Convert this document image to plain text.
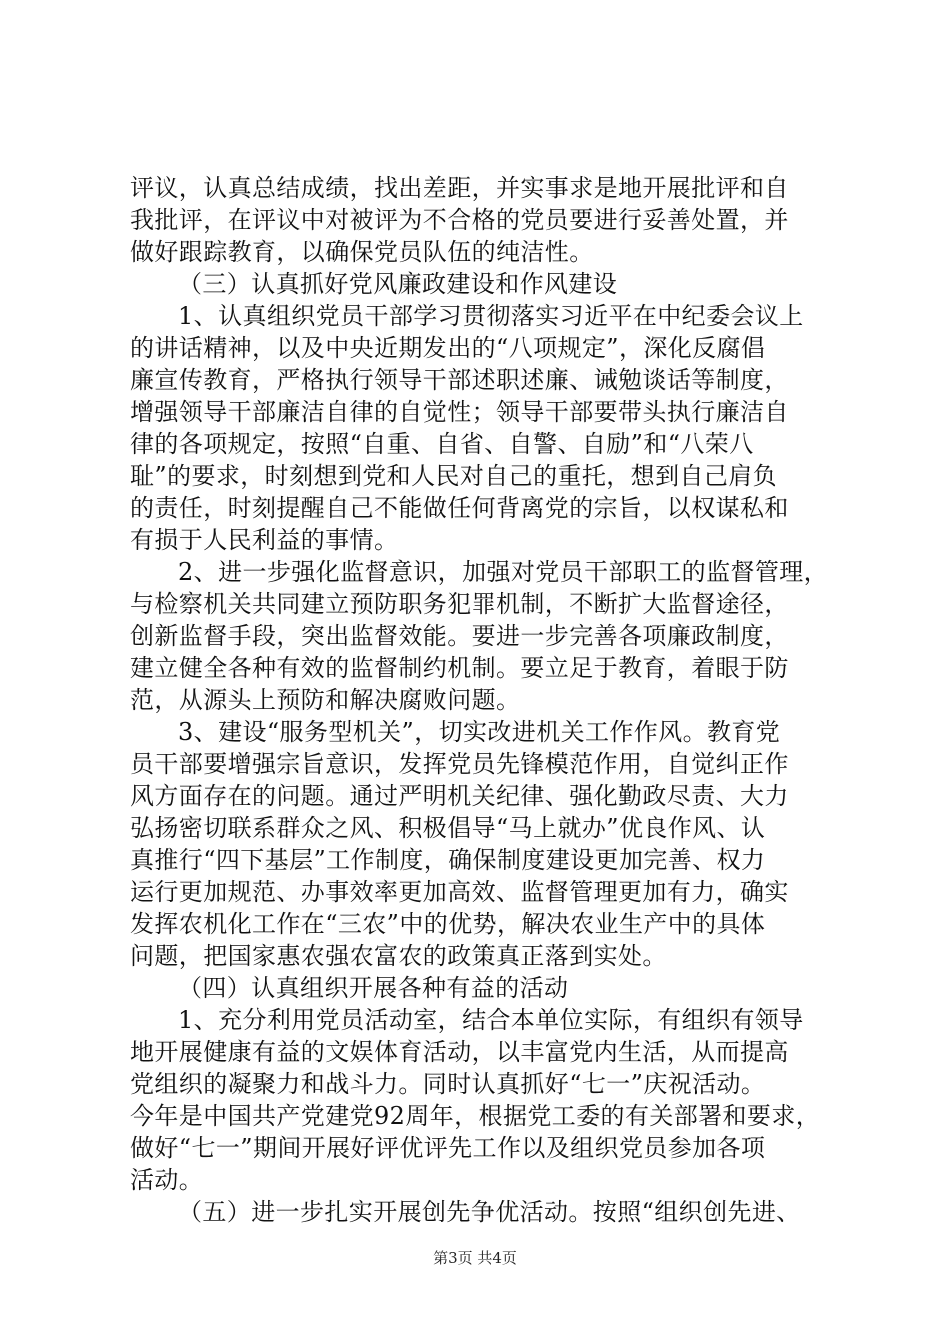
评议，认真总结成绩，找出差距，并实事求是地开展批评和自
我批评，在评议中对被评为不合格的党员要进行妥善处置，并
做好跟踪教育，以确保党员队伍的纯洁性。
（三）认真抓好党风廉政建设和作风建设
1、认真组织党员干部学习贯彻落实习近平在中纪委会议上
的讲话精神，以及中央近期发出的“八项规定”，深化反腐倡
廉宣传教育，严格执行领导干部述职述廉、诫勉谈话等制度，
增强领导干部廉洁自律的自觉性；领导干部要带头执行廉洁自
律的各项规定，按照“自重、自省、自警、自励”和“八荣八
耻”的要求，时刻想到党和人民对自己的重托，想到自己肩负
的责任，时刻提醒自己不能做任何背离党的宗旨，以权谋私和
有损于人民利益的事情。
2、进一步强化监督意识，加强对党员干部职工的监督管理，
与检察机关共同建立预防职务犯罪机制，不断扩大监督途径，
创新监督手段，突出监督效能。要进一步完善各项廉政制度，
建立健全各种有效的监督制约机制。要立足于教育，着眼于防
范，从源头上预防和解决腐败问题。
3、建设“服务型机关”，切实改进机关工作作风。教育党
员干部要增强宗旨意识，发挥党员先锋模范作用，自觉纠正作
风方面存在的问题。通过严明机关纪律、强化勤政尽责、大力
弘扬密切联系群众之风、积极倡导“马上就办”优良作风、认
真推行“四下基层”工作制度，确保制度建设更加完善、权力
运行更加规范、办事效率更加高效、监督管理更加有力，确实
发挥农机化工作在“三农”中的优势，解决农业生产中的具体
问题，把国家惠农强农富农的政策真正落到实处。
（四）认真组织开展各种有益的活动
1、充分利用党员活动室，结合本单位实际，有组织有领导
地开展健康有益的文娱体育活动，以丰富党内生活，从而提高
党组织的凝聚力和战斗力。同时认真抓好“七一”庆祝活动。
今年是中国共产党建党92周年，根据党工委的有关部署和要求，
做好“七一”期间开展好评优评先工作以及组织党员参加各项
活动。
（五）进一步扎实开展创先争优活动。按照“组织创先进、
第3页 共4页
